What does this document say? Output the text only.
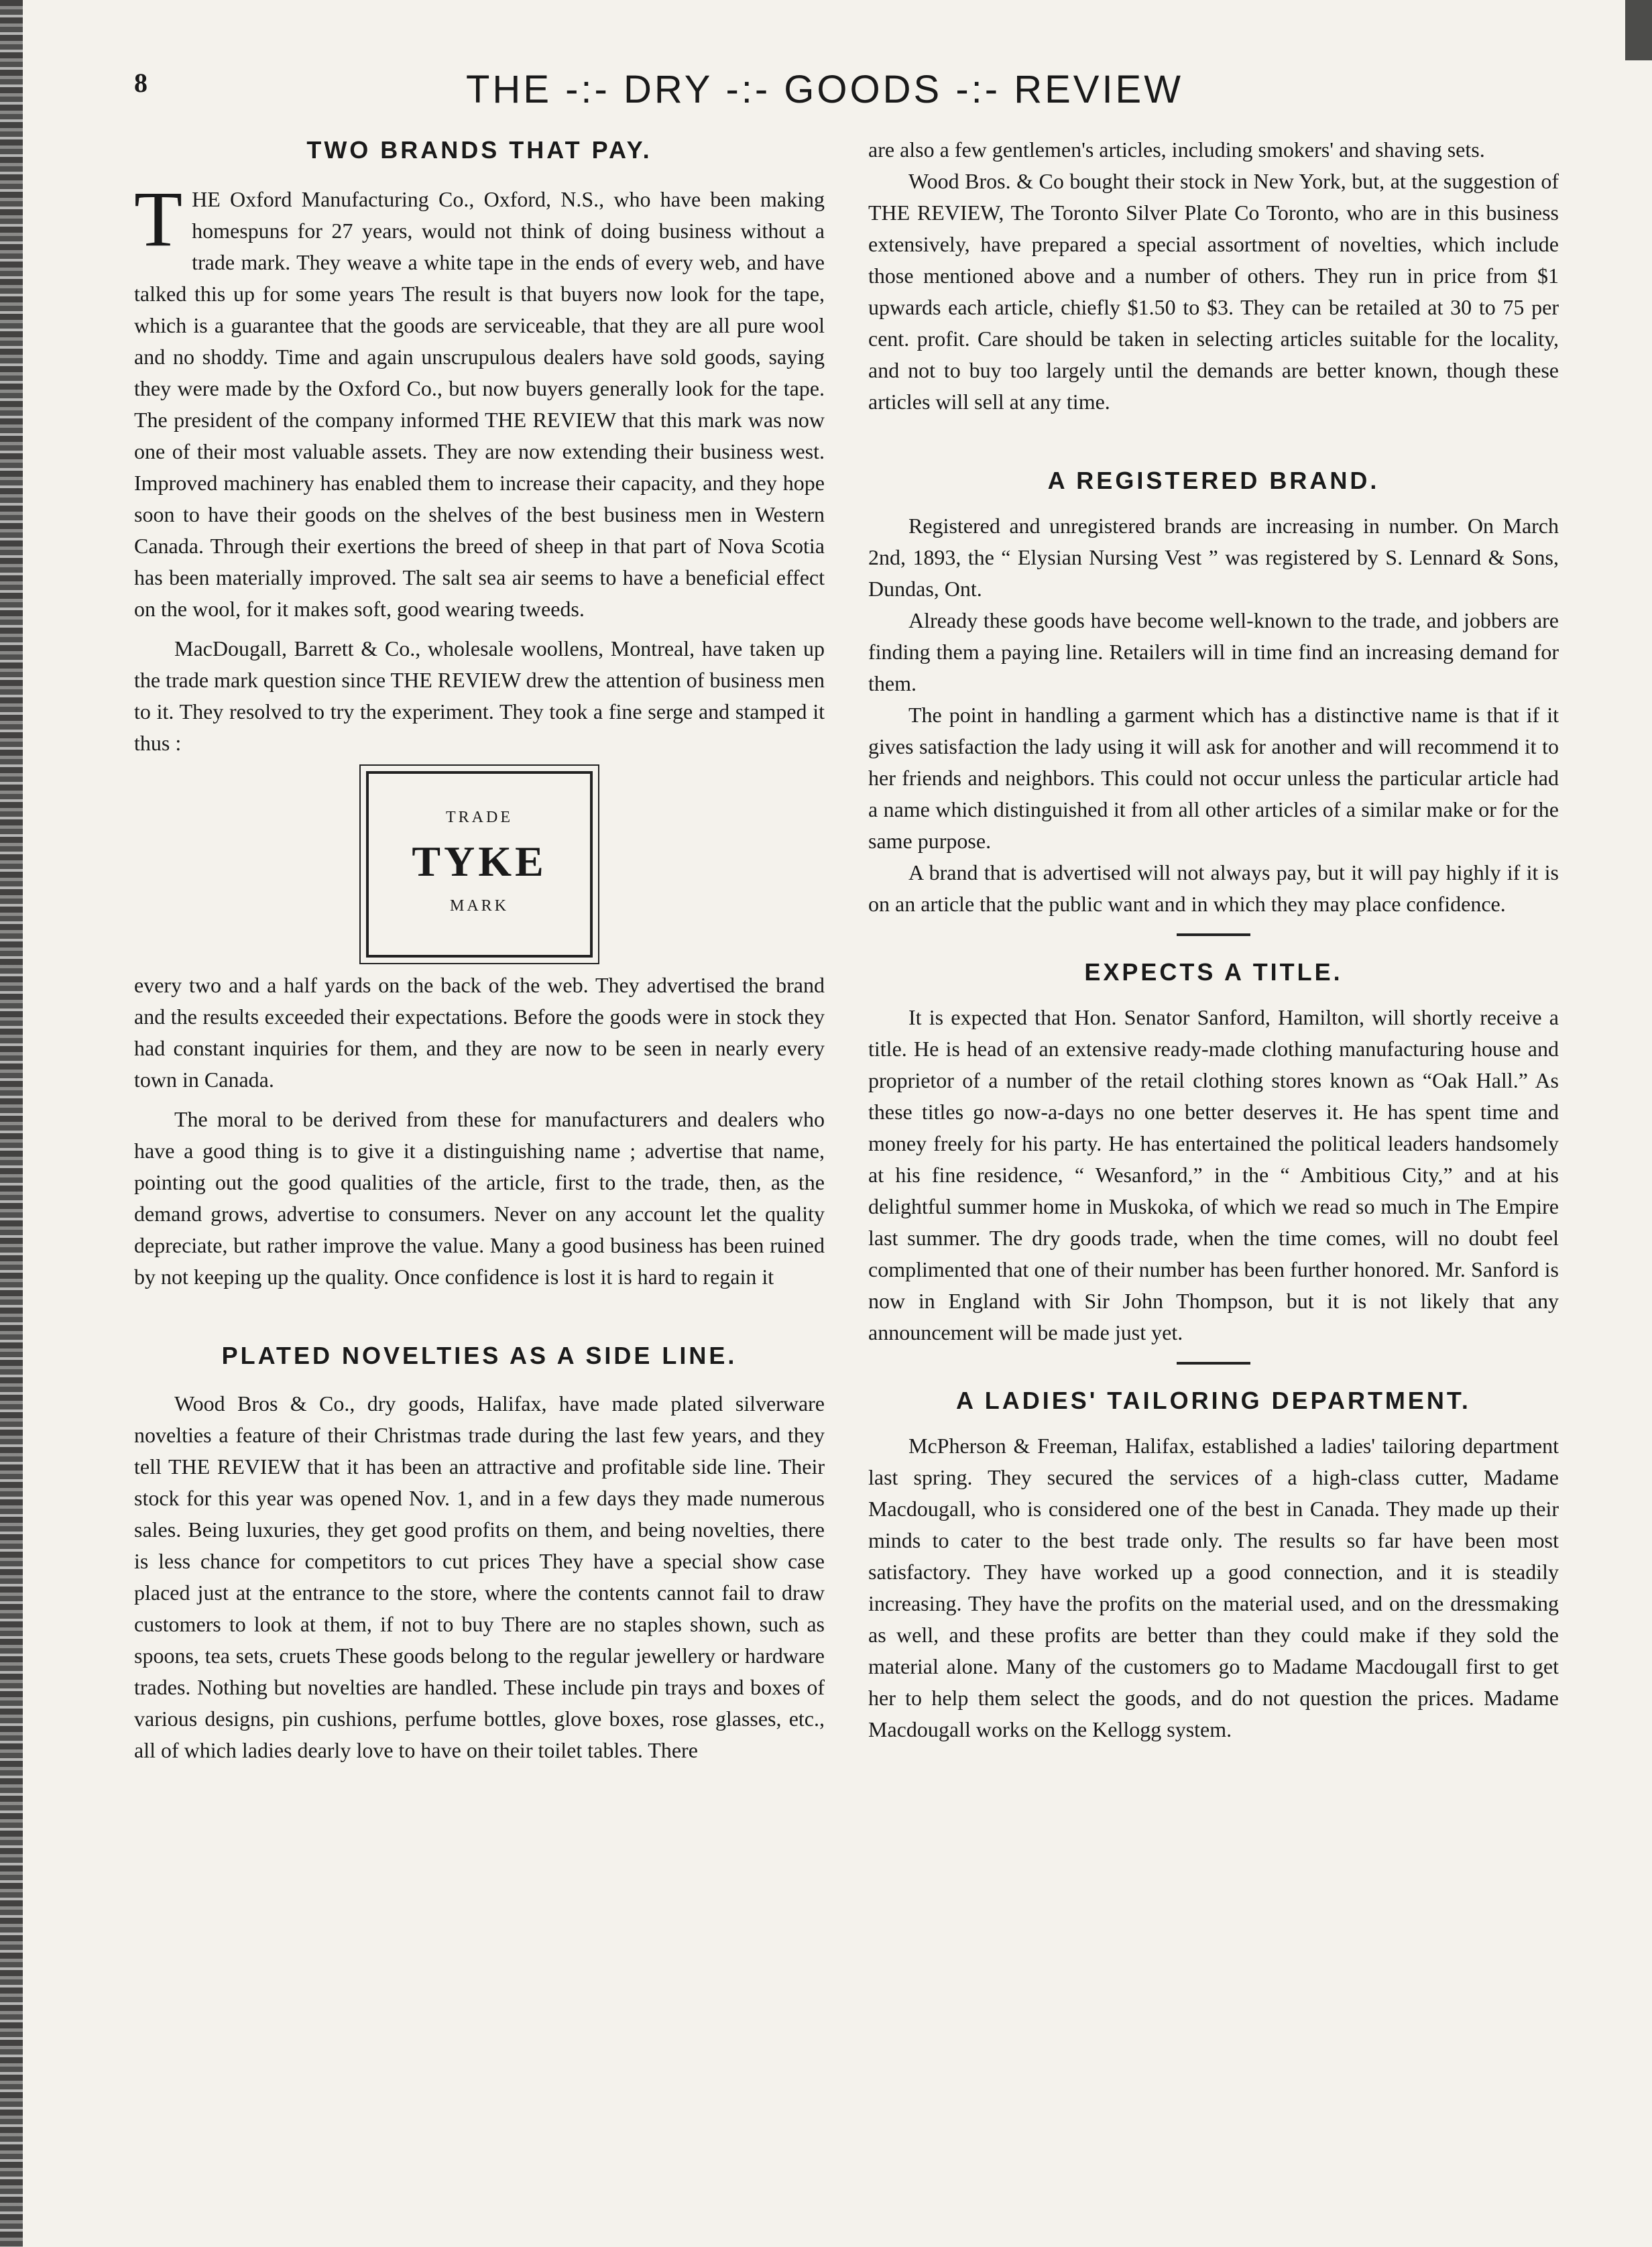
8	THE -:- DRY -:- GOODS -:- REVIEW
TWO BRANDS THAT PAY.

THE Oxford Manufacturing Co., Oxford, N.S., who have been making homespuns for 27 years, would not think of doing business without a trade mark. They weave a white tape in the ends of every web, and have talked this up for some years The result is that buyers now look for the tape, which is a guarantee that the goods are serviceable, that they are all pure wool and no shoddy. Time and again unscrupulous dealers have sold goods, saying they were made by the Oxford Co., but now buyers generally look for the tape. The president of the company informed THE REVIEW that this mark was now one of their most valuable assets. They are now extending their business west. Improved machinery has enabled them to increase their capacity, and they hope soon to have their goods on the shelves of the best business men in Western Canada. Through their exertions the breed of sheep in that part of Nova Scotia has been materially improved. The salt sea air seems to have a beneficial effect on the wool, for it makes soft, good wearing tweeds.

MacDougall, Barrett & Co., wholesale woollens, Montreal, have taken up the trade mark question since THE REVIEW drew the attention of business men to it. They resolved to try the experiment. They took a fine serge and stamped it thus :

TRADE
TYKE
MARK

every two and a half yards on the back of the web. They advertised the brand and the results exceeded their expectations. Before the goods were in stock they had constant inquiries for them, and they are now to be seen in nearly every town in Canada.

The moral to be derived from these for manufacturers and dealers who have a good thing is to give it a distinguishing name ; advertise that name, pointing out the good qualities of the article, first to the trade, then, as the demand grows, advertise to consumers. Never on any account let the quality depreciate, but rather improve the value. Many a good business has been ruined by not keeping up the quality. Once confidence is lost it is hard to regain it

PLATED NOVELTIES AS A SIDE LINE.

Wood Bros & Co., dry goods, Halifax, have made plated silverware novelties a feature of their Christmas trade during the last few years, and they tell THE REVIEW that it has been an attractive and profitable side line. Their stock for this year was opened Nov. 1, and in a few days they made numerous sales. Being luxuries, they get good profits on them, and being novelties, there is less chance for competitors to cut prices They have a special show case placed just at the entrance to the store, where the contents cannot fail to draw customers to look at them, if not to buy There are no staples shown, such as spoons, tea sets, cruets These goods belong to the regular jewellery or hardware trades. Nothing but novelties are handled. These include pin trays and boxes of various designs, pin cushions, perfume bottles, glove boxes, rose glasses, etc., all of which ladies dearly love to have on their toilet tables. There

are also a few gentlemen's articles, including smokers' and shaving sets.

Wood Bros. & Co bought their stock in New York, but, at the suggestion of THE REVIEW, The Toronto Silver Plate Co Toronto, who are in this business extensively, have prepared a special assortment of novelties, which include those mentioned above and a number of others. They run in price from $1 upwards each article, chiefly $1.50 to $3. They can be retailed at 30 to 75 per cent. profit. Care should be taken in selecting articles suitable for the locality, and not to buy too largely until the demands are better known, though these articles will sell at any time.

A REGISTERED BRAND.

Registered and unregistered brands are increasing in number. On March 2nd, 1893, the “ Elysian Nursing Vest ” was registered by S. Lennard & Sons, Dundas, Ont.

Already these goods have become well-known to the trade, and jobbers are finding them a paying line. Retailers will in time find an increasing demand for them.

The point in handling a garment which has a distinctive name is that if it gives satisfaction the lady using it will ask for another and will recommend it to her friends and neighbors. This could not occur unless the particular article had a name which distinguished it from all other articles of a similar make or for the same purpose.

A brand that is advertised will not always pay, but it will pay highly if it is on an article that the public want and in which they may place confidence.

EXPECTS A TITLE.

It is expected that Hon. Senator Sanford, Hamilton, will shortly receive a title. He is head of an extensive ready-made clothing manufacturing house and proprietor of a number of the retail clothing stores known as “Oak Hall.” As these titles go now-a-days no one better deserves it. He has spent time and money freely for his party. He has entertained the political leaders handsomely at his fine residence, “ Wesanford,” in the “ Ambitious City,” and at his delightful summer home in Muskoka, of which we read so much in The Empire last summer. The dry goods trade, when the time comes, will no doubt feel complimented that one of their number has been further honored. Mr. Sanford is now in England with Sir John Thompson, but it is not likely that any announcement will be made just yet.

A LADIES' TAILORING DEPARTMENT.

McPherson & Freeman, Halifax, established a ladies' tailoring department last spring. They secured the services of a high-class cutter, Madame Macdougall, who is considered one of the best in Canada. They made up their minds to cater to the best trade only. The results so far have been most satisfactory. They have worked up a good connection, and it is steadily increasing. They have the profits on the material used, and on the dressmaking as well, and these profits are better than they could make if they sold the material alone. Many of the customers go to Madame Macdougall first to get her to help them select the goods, and do not question the prices. Madame Macdougall works on the Kellogg system.
